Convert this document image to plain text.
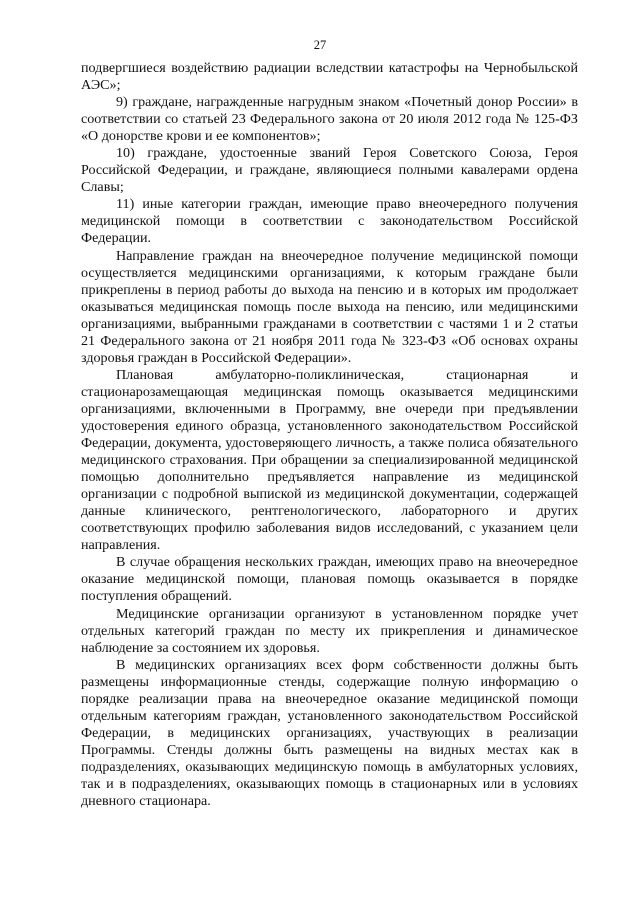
27

подвергшиеся воздействию радиации вследствии катастрофы на Чернобыльской АЭС»;

9) граждане, награжденные нагрудным знаком «Почетный донор России» в соответствии со статьей 23 Федерального закона от 20 июля 2012 года № 125-ФЗ «О донорстве крови и ее компонентов»;

10) граждане, удостоенные званий Героя Советского Союза, Героя Российской Федерации, и граждане, являющиеся полными кавалерами ордена Славы;

11) иные категории граждан, имеющие право внеочередного получения медицинской помощи в соответствии с законодательством Российской Федерации.

Направление граждан на внеочередное получение медицинской помощи осуществляется медицинскими организациями, к которым граждане были прикреплены в период работы до выхода на пенсию и в которых им продолжает оказываться медицинская помощь после выхода на пенсию, или медицинскими организациями, выбранными гражданами в соответствии с частями 1 и 2 статьи 21 Федерального закона от 21 ноября 2011 года № 323-ФЗ «Об основах охраны здоровья граждан в Российской Федерации».

Плановая амбулаторно-поликлиническая, стационарная и стационарозамещающая медицинская помощь оказывается медицинскими организациями, включенными в Программу, вне очереди при предъявлении удостоверения единого образца, установленного законодательством Российской Федерации, документа, удостоверяющего личность, а также полиса обязательного медицинского страхования. При обращении за специализированной медицинской помощью дополнительно предъявляется направление из медицинской организации с подробной выпиской из медицинской документации, содержащей данные клинического, рентгенологического, лабораторного и других соответствующих профилю заболевания видов исследований, с указанием цели направления.

В случае обращения нескольких граждан, имеющих право на внеочередное оказание медицинской помощи, плановая помощь оказывается в порядке поступления обращений.

Медицинские организации организуют в установленном порядке учет отдельных категорий граждан по месту их прикрепления и динамическое наблюдение за состоянием их здоровья.

В медицинских организациях всех форм собственности должны быть размещены информационные стенды, содержащие полную информацию о порядке реализации права на внеочередное оказание медицинской помощи отдельным категориям граждан, установленного законодательством Российской Федерации, в медицинских организациях, участвующих в реализации Программы. Стенды должны быть размещены на видных местах как в подразделениях, оказывающих медицинскую помощь в амбулаторных условиях, так и в подразделениях, оказывающих помощь в стационарных или в условиях дневного стационара.
